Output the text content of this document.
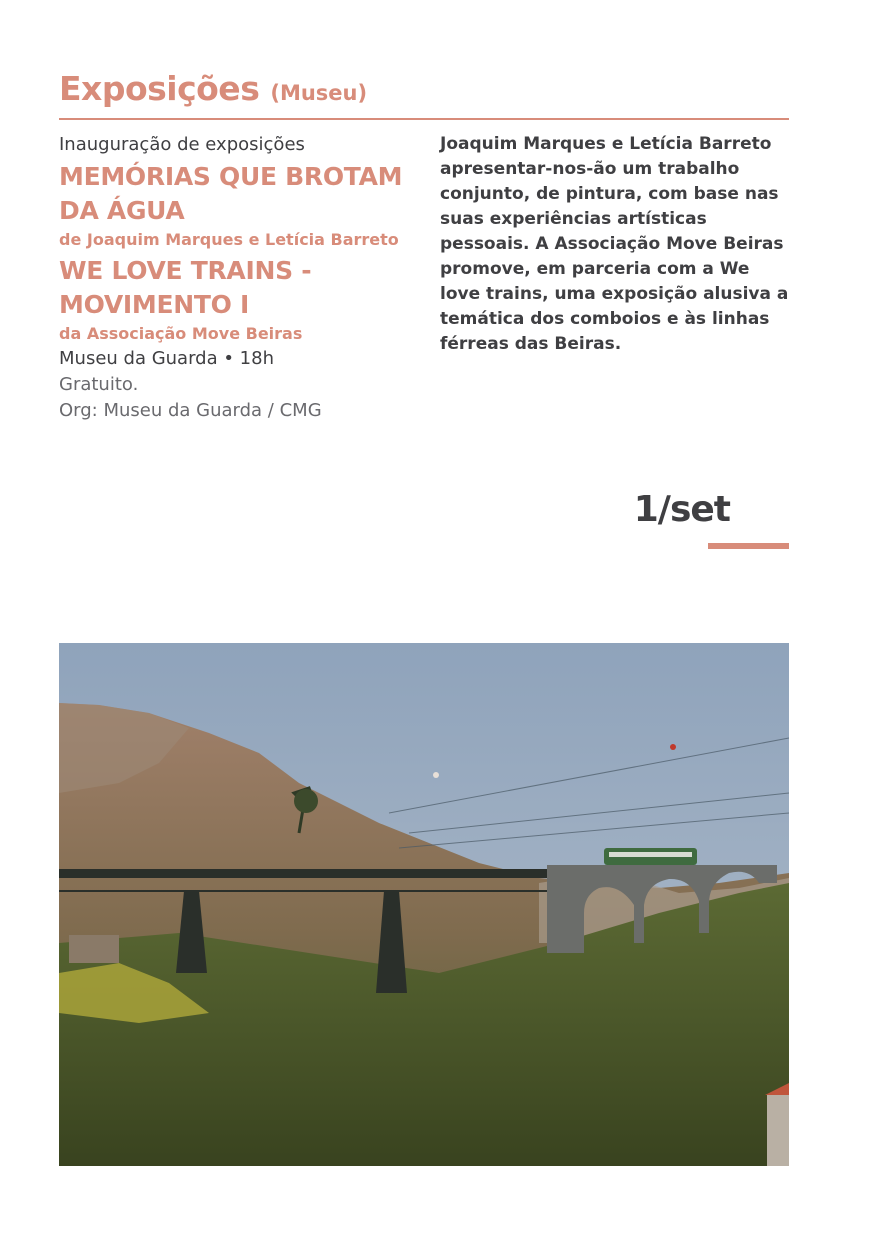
Exposições (Museu)

Inauguração de exposições

MEMÓRIAS QUE BROTAM DA ÁGUA

de Joaquim Marques e Letícia Barreto

WE LOVE TRAINS - MOVIMENTO I

da Associação Move Beiras

Museu da Guarda • 18h

Gratuito.

Org: Museu da Guarda / CMG

Joaquim Marques e Letícia Barreto apresentar-nos-ão um trabalho conjunto, de pintura, com base nas suas experiências artísticas pessoais. A Associação Move Beiras promove, em parceria com a We love trains, uma exposição alusiva a temática dos comboios e às linhas férreas das Beiras.

1/set
